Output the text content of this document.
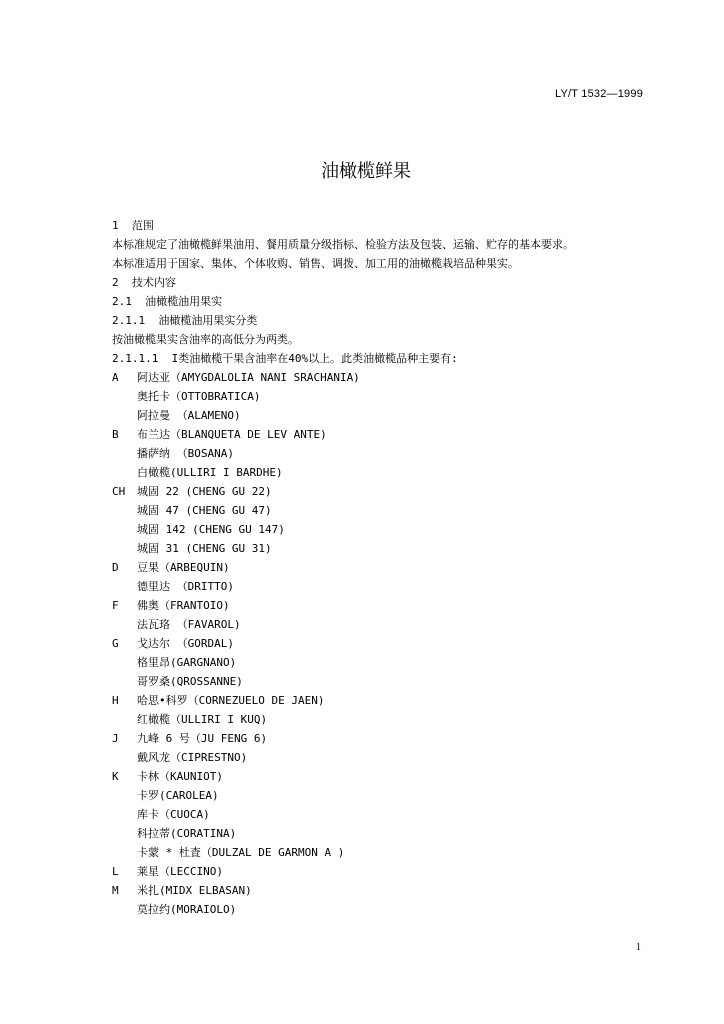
LY/T 1532—1999
油橄榄鲜果
1  范围
本标准规定了油橄榄鲜果油用、餐用质量分级指标、检验方法及包装、运输、贮存的基本要求。
本标准适用于国家、集体、个体收购、销售、调拨、加工用的油橄榄栽培品种果实。
2  技术内容
2.1  油橄榄油用果实
2.1.1  油橄榄油用果实分类
按油橄榄果实含油率的高低分为两类。
2.1.1.1  I类油橄榄干果含油率在40%以上。此类油橄榄品种主要有:
A 阿达亚（AMYGDALOLIA NANI SRACHANIA)
奥托卡（OTTOBRATICA)
阿拉曼 （ALAMENO)
B 布兰达（BLANQUETA DE LEV ANTE)
播萨纳 （BOSANA)
白橄榄(ULLIRI I BARDHE)
CH 城固 22 (CHENG GU 22)
城固 47 (CHENG GU 47)
城固 142 (CHENG GU 147)
城固 31 (CHENG GU 31)
D 豆果（ARBEQUIN)
德里达 （DRITTO)
F 佛奥（FRANTOIO)
法瓦珞 （FAVAROL)
G 戈达尔 （GORDAL)
格里昂(GARGNANO)
哥罗桑(QROSSANNE)
H 哈思•科罗（CORNEZUELO DE JAEN)
红橄榄（ULLIRI I KUQ)
J 九峰 6 号（JU FENG 6)
戴风龙（CIPRESTNO)
K 卡林（KAUNIOT)
卡罗(CAROLEA)
库卡（CUOCA)
科拉蒂(CORATINA)
卡蒙 * 杜査（DULZAL DE GARMON A )
L 莱星（LECCINO)
M 米扎(MIDX ELBASAN)
莫拉约(MORAIOLO)
1
